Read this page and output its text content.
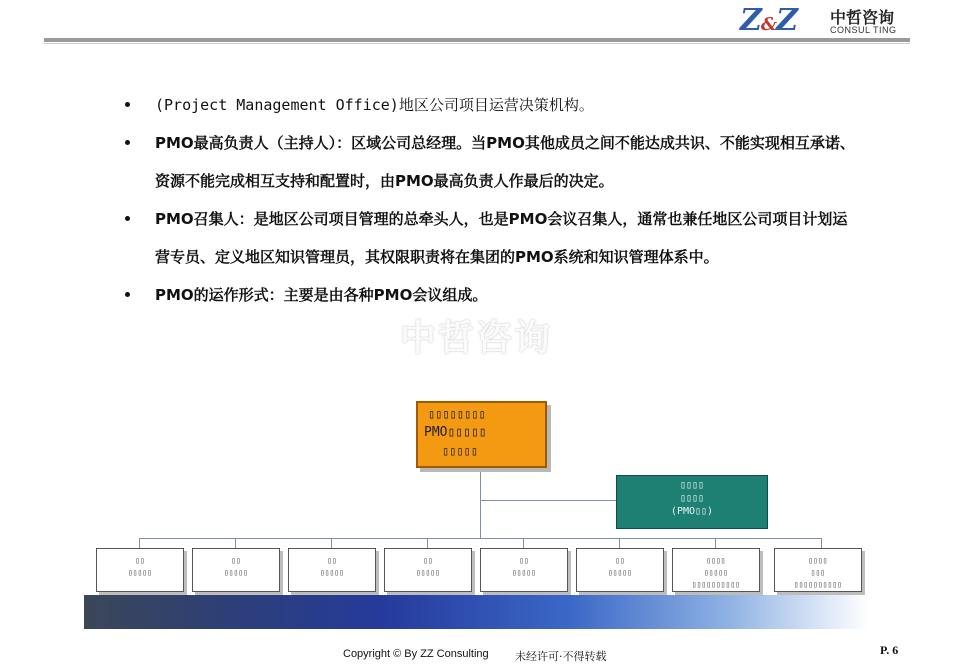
Z&Z 中哲咨询
CONSUL TING
(Project Management Office)地区公司项目运营决策机构。
PMO最高负责人（主持人）：区域公司总经理。当PMO其他成员之间不能达成共识、不能实现相互承诺、资源不能完成相互支持和配置时，由PMO最高负责人作最后的决定。
PMO召集人：是地区公司项目管理的总牵头人，也是PMO会议召集人，通常也兼任地区公司项目计划运营专员、定义地区知识管理员，其权限职责将在集团的PMO系统和知识管理体系中。
PMO的运作形式：主要是由各种PMO会议组成。
中哲咨询
▯▯▯▯▯▯▯▯
PMO▯▯▯▯▯
▯▯▯▯▯
▯▯▯▯
▯▯▯▯
(PMO▯▯)
▯▯
▯▯▯▯▯
▯▯
▯▯▯▯▯
▯▯
▯▯▯▯▯
▯▯
▯▯▯▯▯
▯▯
▯▯▯▯▯
▯▯
▯▯▯▯▯
▯▯▯▯
▯▯▯▯▯
▯▯▯▯▯▯▯▯▯▯
▯▯▯▯
▯▯▯
▯▯▯▯▯▯▯▯▯▯
Copyright © By ZZ Consulting 未经许可·不得转载	P. 6
